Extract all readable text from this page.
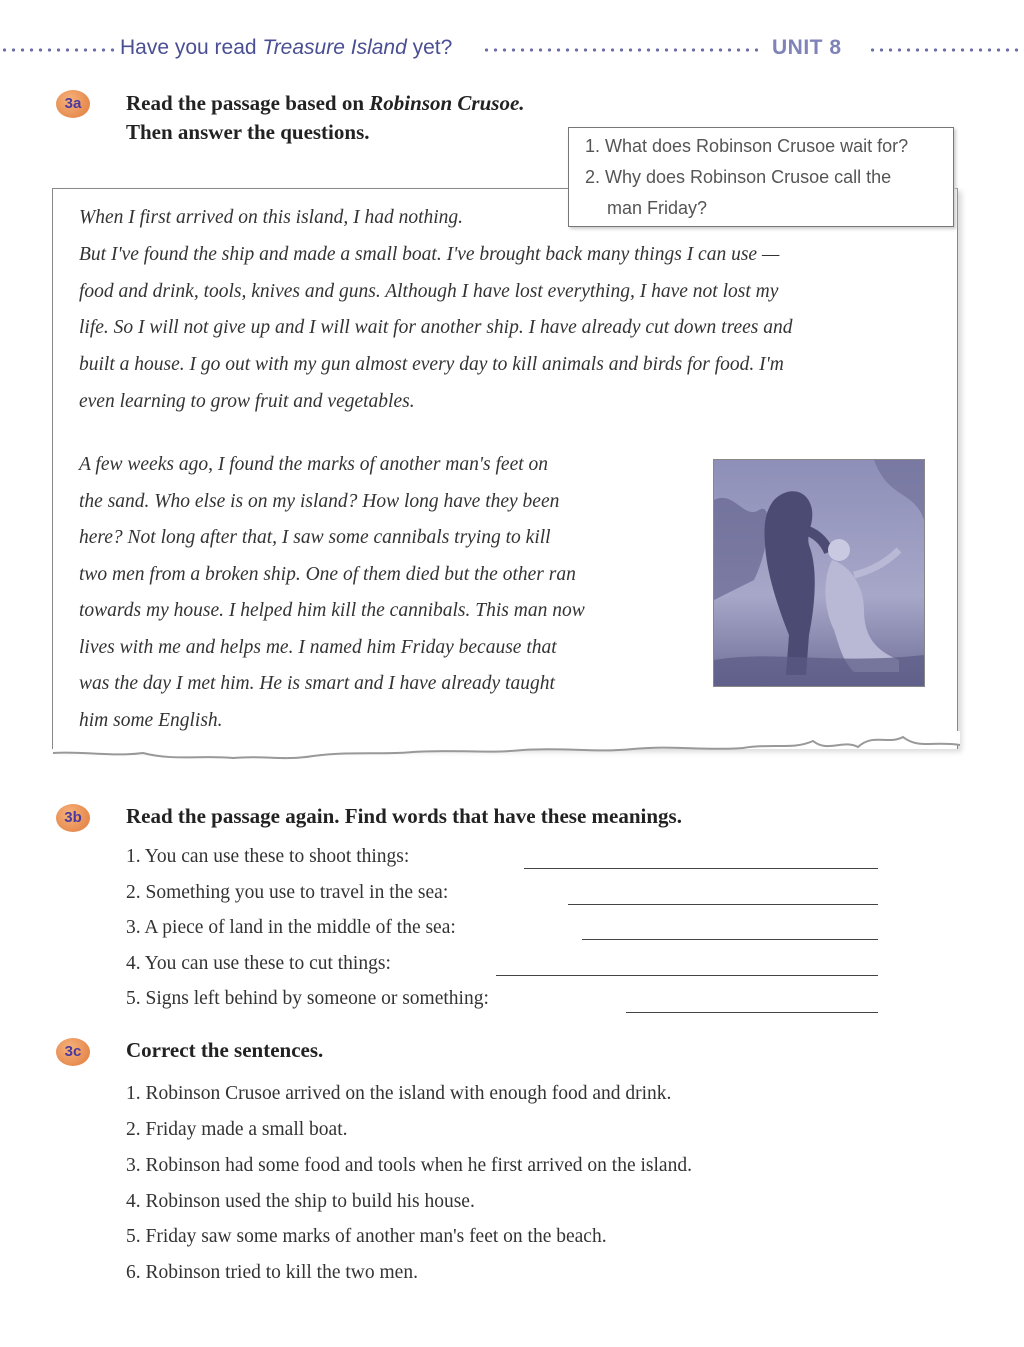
Have you read Treasure Island yet?	UNIT 8
3a	Read the passage based on Robinson Crusoe.
Then answer the questions.
1. What does Robinson Crusoe wait for?
2. Why does Robinson Crusoe call the
man Friday?
When I first arrived on this island, I had nothing.
But I've found the ship and made a small boat. I've brought back many things I can use —
food and drink, tools, knives and guns. Although I have lost everything, I have not lost my
life. So I will not give up and I will wait for another ship. I have already cut down trees and
built a house. I go out with my gun almost every day to kill animals and birds for food. I'm
even learning to grow fruit and vegetables.
A few weeks ago, I found the marks of another man's feet on
the sand. Who else is on my island? How long have they been
here? Not long after that, I saw some cannibals trying to kill
two men from a broken ship. One of them died but the other ran
towards my house. I helped him kill the cannibals. This man now
lives with me and helps me. I named him Friday because that
was the day I met him. He is smart and I have already taught
him some English.
3b	Read the passage again. Find words that have these meanings.
1. You can use these to shoot things:
2. Something you use to travel in the sea:
3. A piece of land in the middle of the sea:
4. You can use these to cut things:
5. Signs left behind by someone or something:
3c	Correct the sentences.
1. Robinson Crusoe arrived on the island with enough food and drink.
2. Friday made a small boat.
3. Robinson had some food and tools when he first arrived on the island.
4. Robinson used the ship to build his house.
5. Friday saw some marks of another man's feet on the beach.
6. Robinson tried to kill the two men.
